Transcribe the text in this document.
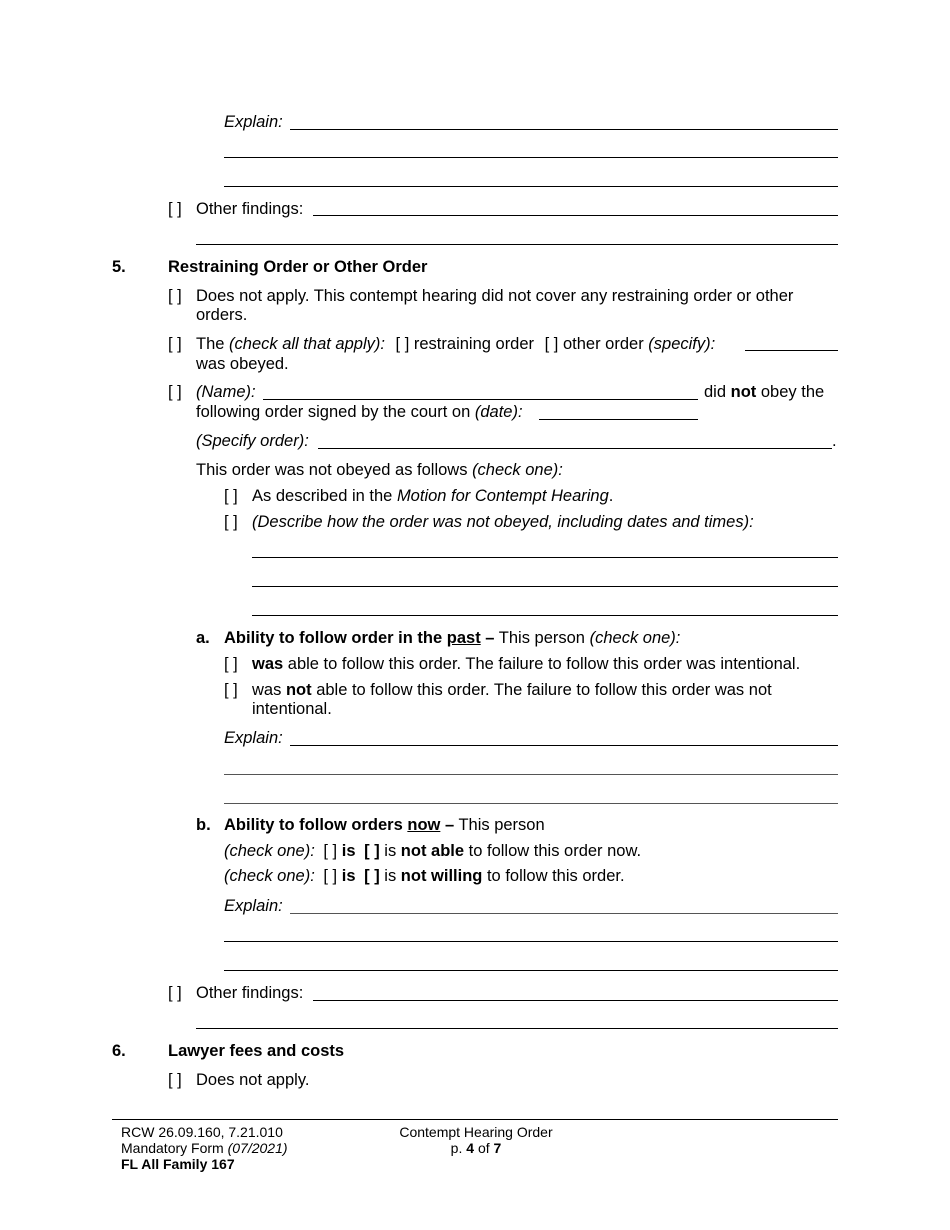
Explain:
[ ] Other findings:
5.	Restraining Order or Other Order
[ ] Does not apply. This contempt hearing did not cover any restraining order or other
orders.
[ ] The (check all that apply): [ ] restraining order [ ] other order (specify):
was obeyed.
[ ] (Name):	did not obey the
following order signed by the court on (date):
(Specify order):	.
This order was not obeyed as follows (check one):
[ ] As described in the Motion for Contempt Hearing.
[ ] (Describe how the order was not obeyed, including dates and times):
a. Ability to follow order in the past – This person (check one):
[ ] was able to follow this order. The failure to follow this order was intentional.
[ ] was not able to follow this order. The failure to follow this order was not
intentional.
Explain:
b. Ability to follow orders now – This person
(check one): [ ] is [ ] is not able to follow this order now.
(check one): [ ] is [ ] is not willing to follow this order.
Explain:
[ ] Other findings:
6.	Lawyer fees and costs
[ ] Does not apply.
RCW 26.09.160, 7.21.010
Mandatory Form (07/2021)
FL All Family 167
Contempt Hearing Order
p. 4 of 7
